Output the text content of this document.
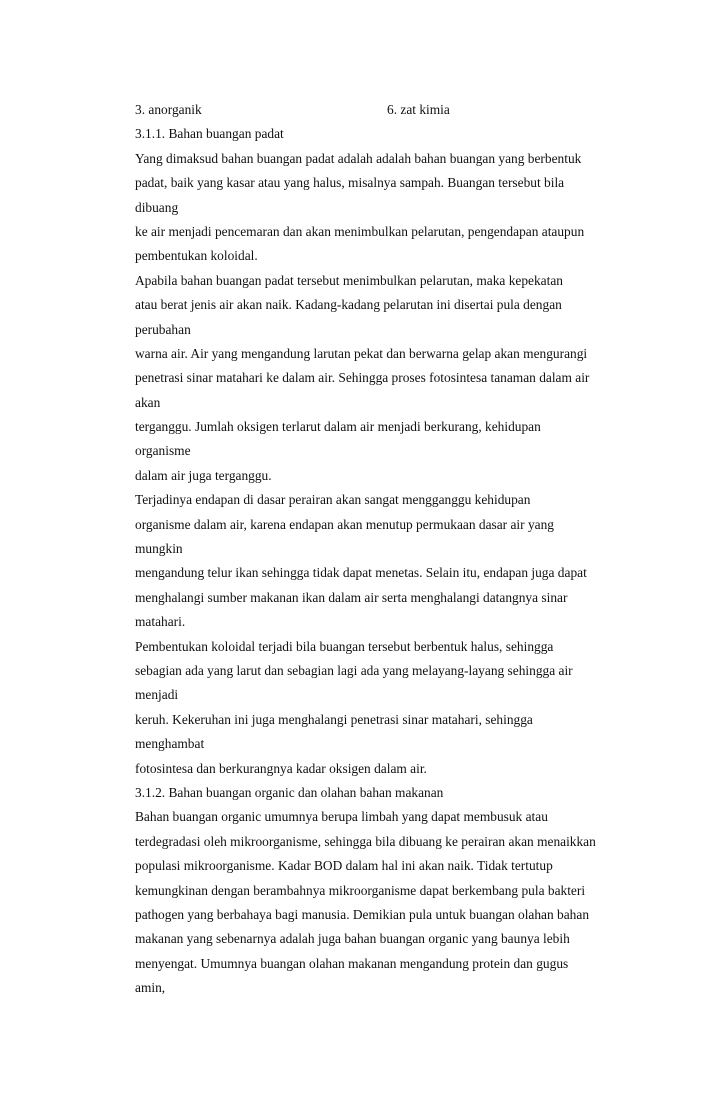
3. anorganik	6. zat kimia
3.1.1. Bahan buangan padat
Yang dimaksud bahan buangan padat adalah adalah bahan buangan yang berbentuk
padat, baik yang kasar atau yang halus, misalnya sampah. Buangan tersebut bila
dibuang
ke air menjadi pencemaran dan akan menimbulkan pelarutan, pengendapan ataupun
pembentukan koloidal.
Apabila bahan buangan padat tersebut menimbulkan pelarutan, maka kepekatan
atau berat jenis air akan naik. Kadang-kadang pelarutan ini disertai pula dengan
perubahan
warna air. Air yang mengandung larutan pekat dan berwarna gelap akan mengurangi
penetrasi sinar matahari ke dalam air. Sehingga proses fotosintesa tanaman dalam air
akan
terganggu. Jumlah oksigen terlarut dalam air menjadi berkurang, kehidupan
organisme
dalam air juga terganggu.
Terjadinya endapan di dasar perairan akan sangat mengganggu kehidupan
organisme dalam air, karena endapan akan menutup permukaan dasar air yang
mungkin
mengandung telur ikan sehingga tidak dapat menetas. Selain itu, endapan juga dapat
menghalangi sumber makanan ikan dalam air serta menghalangi datangnya sinar
matahari.
Pembentukan koloidal terjadi bila buangan tersebut berbentuk halus, sehingga
sebagian ada yang larut dan sebagian lagi ada yang melayang-layang sehingga air
menjadi
keruh. Kekeruhan ini juga menghalangi penetrasi sinar matahari, sehingga
menghambat
fotosintesa dan berkurangnya kadar oksigen dalam air.
3.1.2. Bahan buangan organic dan olahan bahan makanan
Bahan buangan organic umumnya berupa limbah yang dapat membusuk atau
terdegradasi oleh mikroorganisme, sehingga bila dibuang ke perairan akan menaikkan
populasi mikroorganisme. Kadar BOD dalam hal ini akan naik. Tidak tertutup
kemungkinan dengan berambahnya mikroorganisme dapat berkembang pula bakteri
pathogen yang berbahaya bagi manusia. Demikian pula untuk buangan olahan bahan
makanan yang sebenarnya adalah juga bahan buangan organic yang baunya lebih
menyengat. Umumnya buangan olahan makanan mengandung protein dan gugus
amin,
